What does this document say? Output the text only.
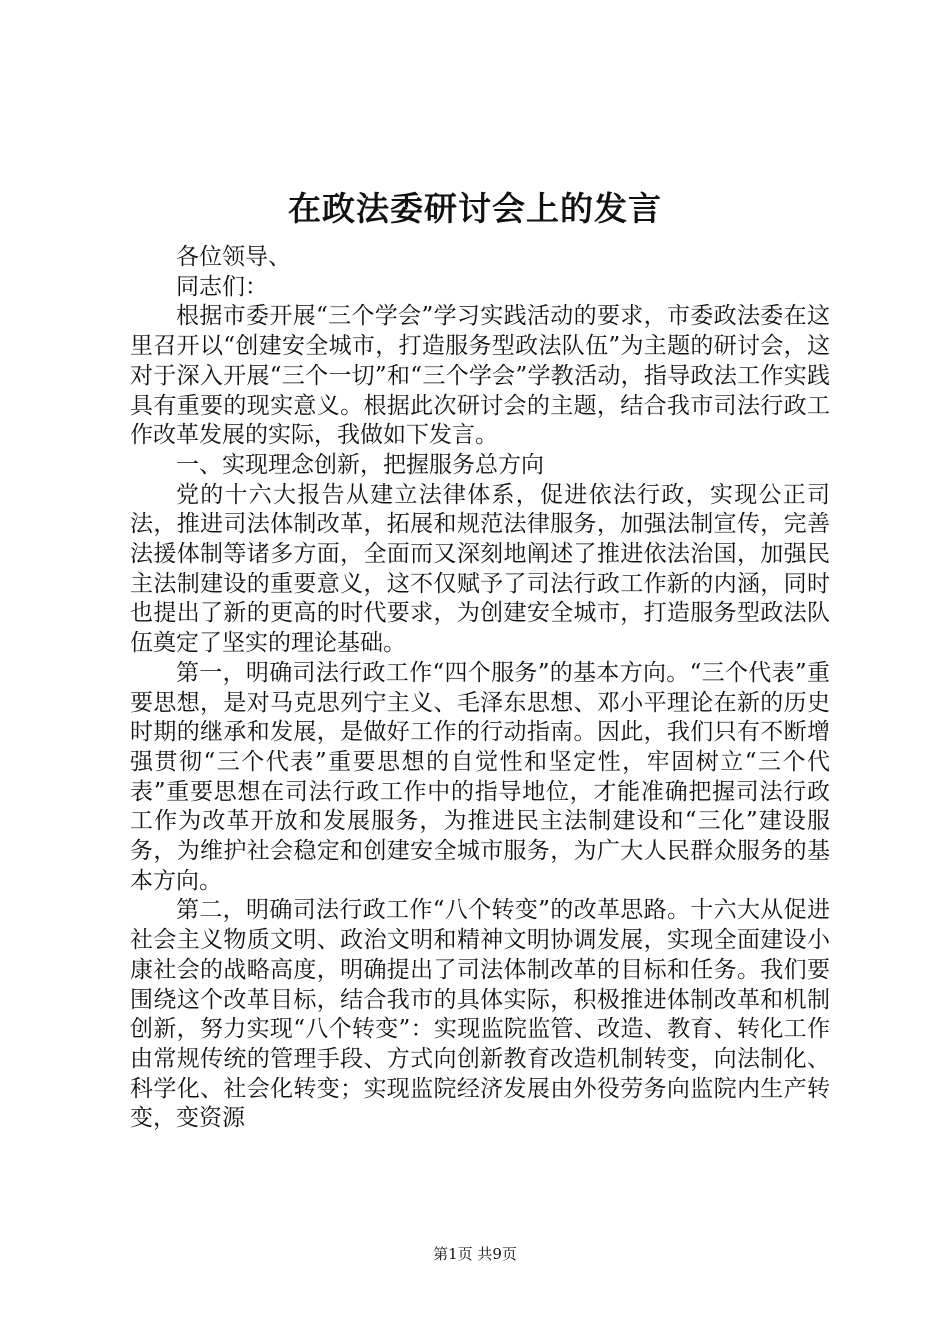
在政法委研讨会上的发言

各位领导、

同志们：

根据市委开展“三个学会”学习实践活动的要求，市委政法委在这里召开以“创建安全城市，打造服务型政法队伍”为主题的研讨会，这对于深入开展“三个一切”和“三个学会”学教活动，指导政法工作实践具有重要的现实意义。根据此次研讨会的主题，结合我市司法行政工作改革发展的实际，我做如下发言。

一、实现理念创新，把握服务总方向

党的十六大报告从建立法律体系，促进依法行政，实现公正司法，推进司法体制改革，拓展和规范法律服务，加强法制宣传，完善法援体制等诸多方面，全面而又深刻地阐述了推进依法治国，加强民主法制建设的重要意义，这不仅赋予了司法行政工作新的内涵，同时也提出了新的更高的时代要求，为创建安全城市，打造服务型政法队伍奠定了坚实的理论基础。

第一，明确司法行政工作“四个服务”的基本方向。“三个代表”重要思想，是对马克思列宁主义、毛泽东思想、邓小平理论在新的历史时期的继承和发展，是做好工作的行动指南。因此，我们只有不断增强贯彻“三个代表”重要思想的自觉性和坚定性，牢固树立“三个代表”重要思想在司法行政工作中的指导地位，才能准确把握司法行政工作为改革开放和发展服务，为推进民主法制建设和“三化”建设服务，为维护社会稳定和创建安全城市服务，为广大人民群众服务的基本方向。

第二，明确司法行政工作“八个转变”的改革思路。十六大从促进社会主义物质文明、政治文明和精神文明协调发展，实现全面建设小康社会的战略高度，明确提出了司法体制改革的目标和任务。我们要围绕这个改革目标，结合我市的具体实际，积极推进体制改革和机制创新，努力实现“八个转变”：实现监院监管、改造、教育、转化工作由常规传统的管理手段、方式向创新教育改造机制转变，向法制化、科学化、社会化转变；实现监院经济发展由外役劳务向监院内生产转变，变资源

第1页 共9页
